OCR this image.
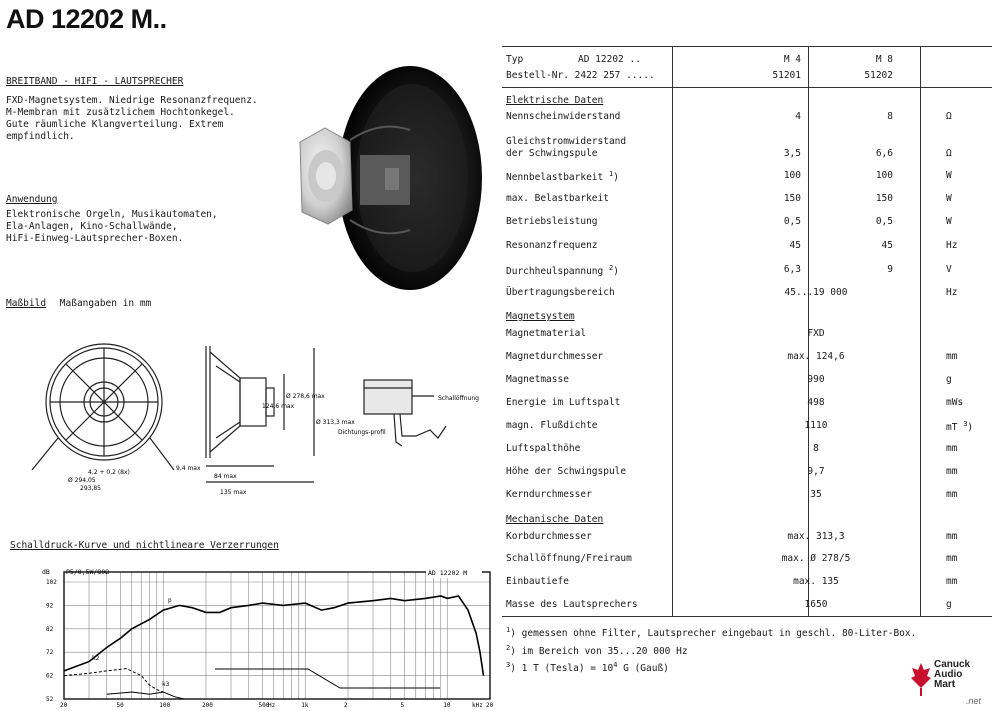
AD 12202 M..
BREITBAND - HIFI - LAUTSPRECHER
FXD-Magnetsystem. Niedrige Resonanzfrequenz.
M-Membran mit zusätzlichem Hochtonkegel.
Gute räumliche Klangverteilung. Extrem
empfindlich.
Anwendung
Elektronische Orgeln, Musikautomaten,
Ela-Anlagen, Kino-Schallwände,
HiFi-Einweg-Lautsprecher-Boxen.
Maßbild Maßangaben in mm
4,2 + 0,2 (8x)
Ø 294,05
293,85
Ø 278,6 max
124,6 max
Ø 313,3 max
9,4 max
84 max
135 max
Schallöffnung
Dichtungs-profil
Schalldruck-Kurve und nichtlineare Verzerrungen
dB P5/0,5W/80Ω	AD 12202 M
102
92
82
72
62
52
20	50	100	200	500	1k	2	5	10	20
Hz	kHz
p
k2
k3
Typ	AD 12202 ..	M 4	M 8
Bestell-Nr. 2422 257 .....	51201	51202
Elektrische Daten
Nennscheinwiderstand	4	8	Ω
Gleichstromwiderstand
der Schwingspule	3,5	6,6	Ω
Nennbelastbarkeit $^1$)	100	100	W
max. Belastbarkeit	150	150	W
Betriebsleistung	0,5	0,5	W
Resonanzfrequenz	45	45	Hz
Durchheulspannung $^2$)	6,3	9	V
Übertragungsbereich	45...19 000	Hz
Magnetsystem
Magnetmaterial	FXD
Magnetdurchmesser	max. 124,6	mm
Magnetmasse	990	g
Energie im Luftspalt	498	mWs
magn. Flußdichte	1110	mT $^3$)
Luftspalthöhe	8	mm
Höhe der Schwingspule	9,7	mm
Kerndurchmesser	35	mm
Mechanische Daten
Korbdurchmesser	max. 313,3	mm
Schallöffnung/Freiraum	max. Ø 278/5	mm
Einbautiefe	max. 135	mm
Masse des Lautsprechers	1650	g
$^1$) gemessen ohne Filter, Lautsprecher eingebaut in geschl. 80-Liter-Box.
$^2$) im Bereich von 35...20 000 Hz
$^3$) 1 T (Tesla) = $10^4$ G (Gauß)	Canuck
Audio
Mart
.net
